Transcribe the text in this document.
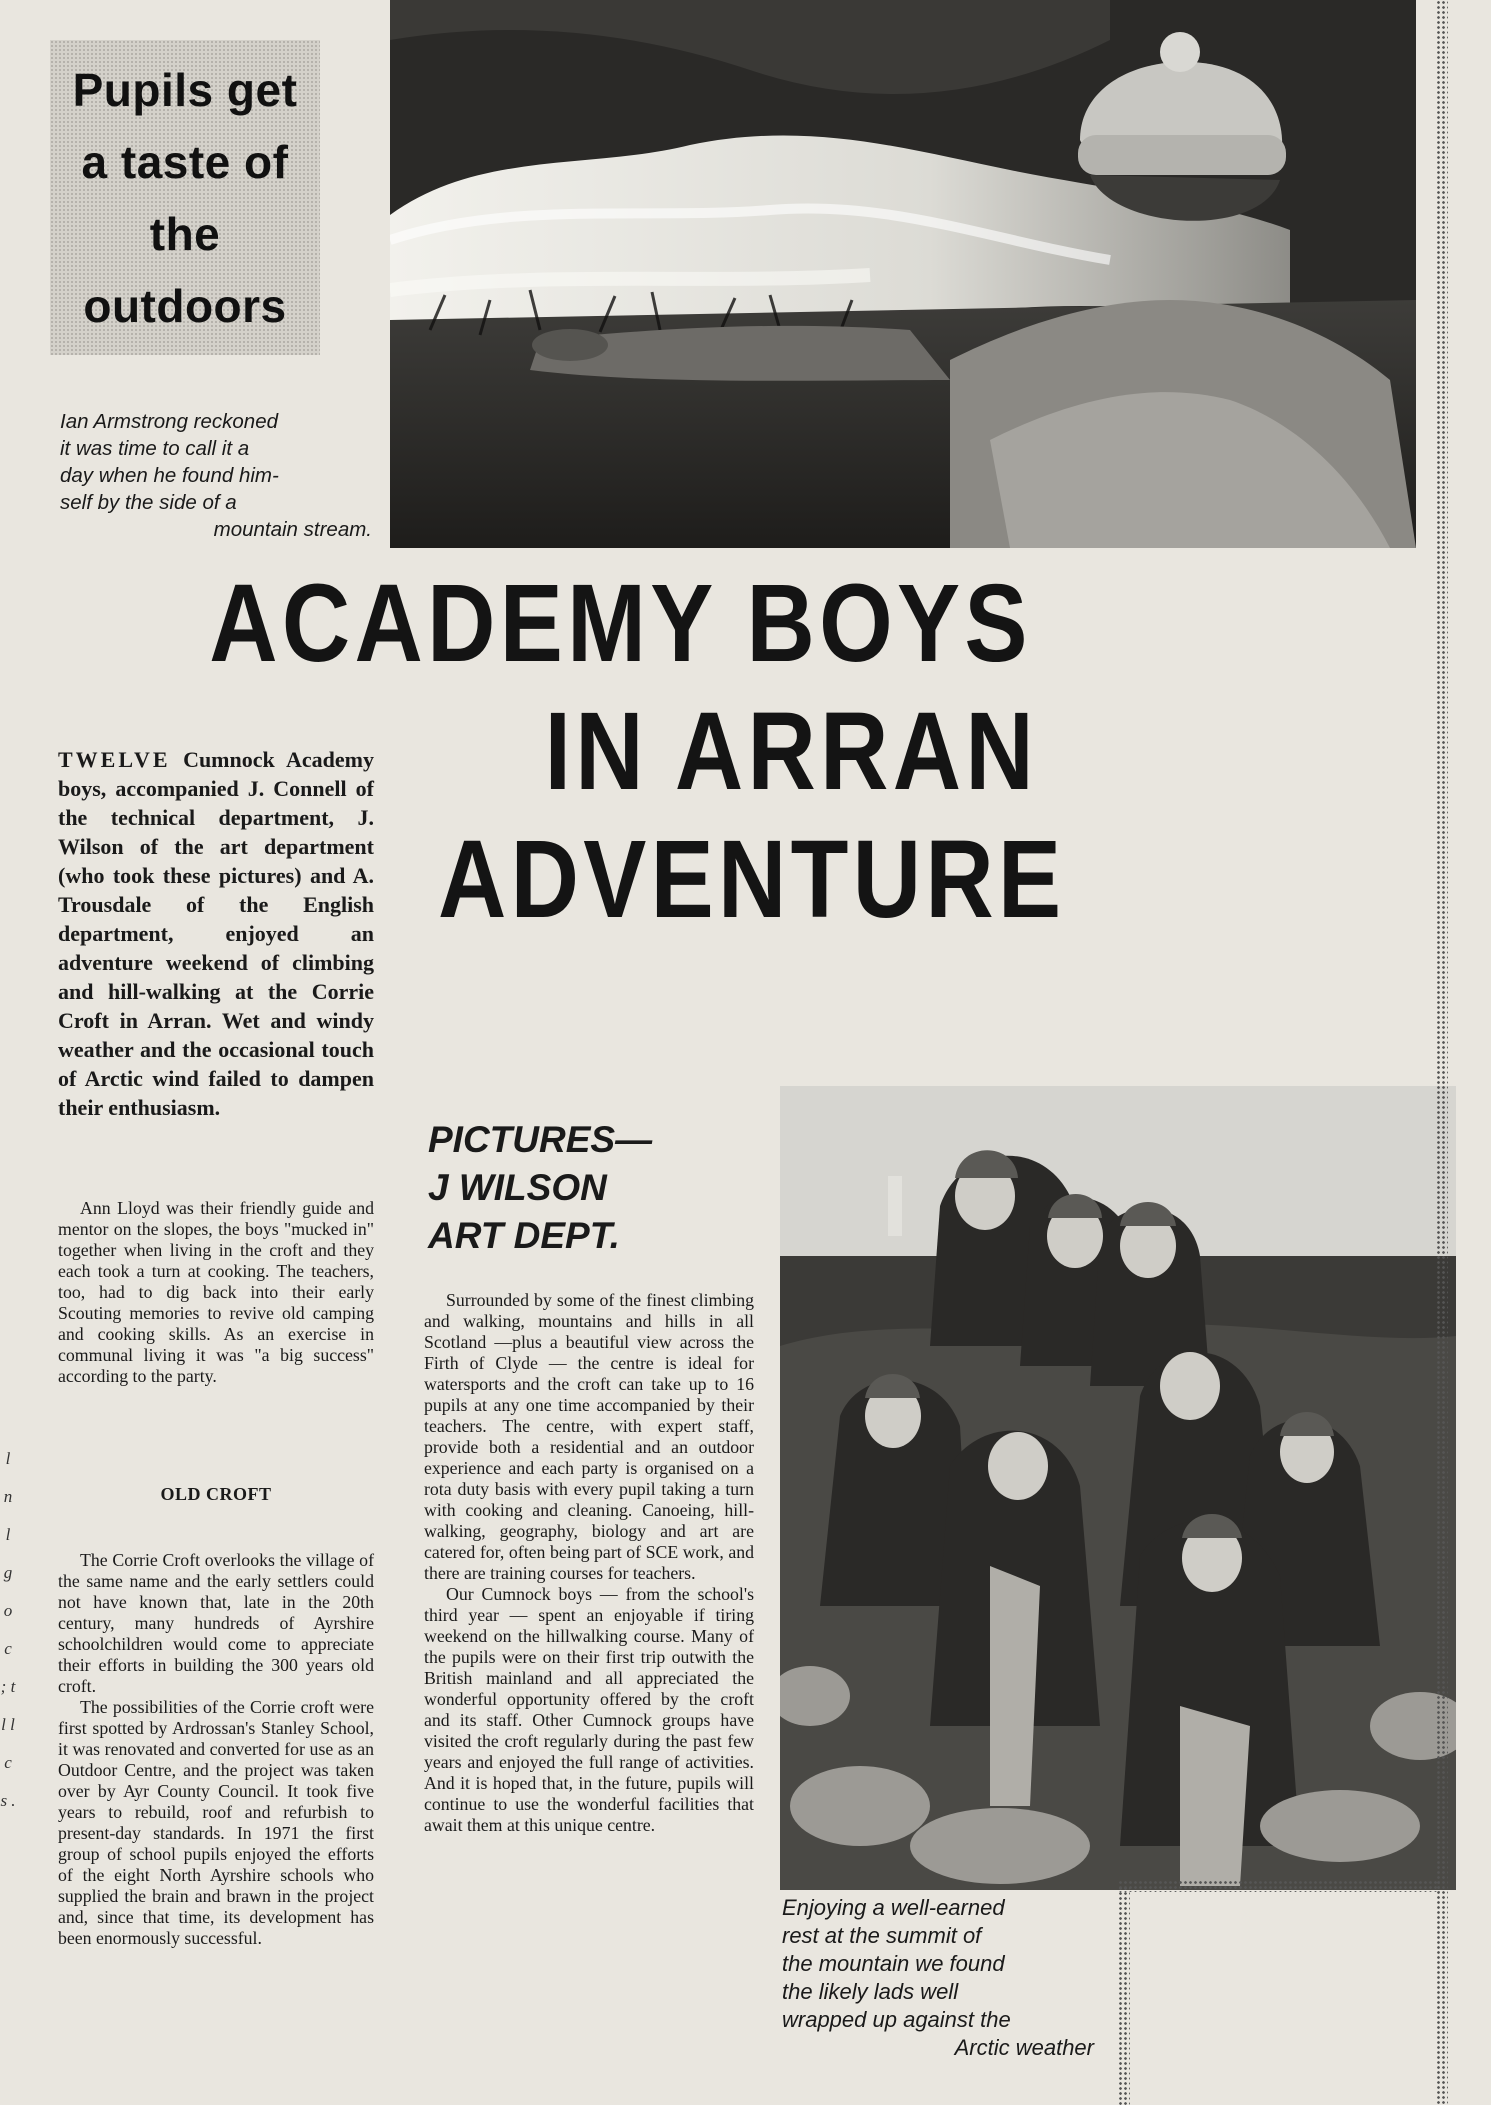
Pupils get a taste of the outdoors
Ian Armstrong reckoned
it was time to call it a
day when he found him-
self by the side of a
mountain stream.
ACADEMY BOYS
IN ARRAN
ADVENTURE
TWELVE Cumnock Academy boys, accompanied J. Connell of the technical department, J. Wilson of the art department (who took these pictures) and A. Trousdale of the English department, enjoyed an adventure weekend of climbing and hill-walking at the Corrie Croft in Arran. Wet and windy weather and the occasional touch of Arctic wind failed to dampen their enthusiasm.

Ann Lloyd was their friendly guide and mentor on the slopes, the boys "mucked in" together when living in the croft and they each took a turn at cooking. The teachers, too, had to dig back into their early Scouting memories to revive old camping and cooking skills. As an exercise in communal living it was "a big success" according to the party.

OLD CROFT

The Corrie Croft overlooks the village of the same name and the early settlers could not have known that, late in the 20th century, many hundreds of Ayrshire schoolchildren would come to appreciate their efforts in building the 300 years old croft.

The possibilities of the Corrie croft were first spotted by Ardrossan's Stanley School, it was renovated and converted for use as an Outdoor Centre, and the project was taken over by Ayr County Council. It took five years to rebuild, roof and refurbish to present-day standards. In 1971 the first group of school pupils enjoyed the efforts of the eight North Ayrshire schools who supplied the brain and brawn in the project and, since that time, its development has been enormously successful.

PICTURES—
J WILSON
ART DEPT.

Surrounded by some of the finest climbing and walking, mountains and hills in all Scotland —plus a beautiful view across the Firth of Clyde — the centre is ideal for watersports and the croft can take up to 16 pupils at any one time accompanied by their teachers. The centre, with expert staff, provide both a residential and an outdoor experience and each party is organised on a rota duty basis with every pupil taking a turn with cooking and cleaning. Canoeing, hill-walking, geography, biology and art are catered for, often being part of SCE work, and there are training courses for teachers.

Our Cumnock boys — from the school's third year — spent an enjoyable if tiring weekend on the hillwalking course. Many of the pupils were on their first trip outwith the British mainland and all appreciated the wonderful opportunity offered by the croft and its staff. Other Cumnock groups have visited the croft regularly during the past few years and enjoyed the full range of activities. And it is hoped that, in the future, pupils will continue to use the wonderful facilities that await them at this unique centre.

Enjoying a well-earned
rest at the summit of
the mountain we found
the likely lads well
wrapped up against the
Arctic weather
l n l g o c ; t l l c s .
